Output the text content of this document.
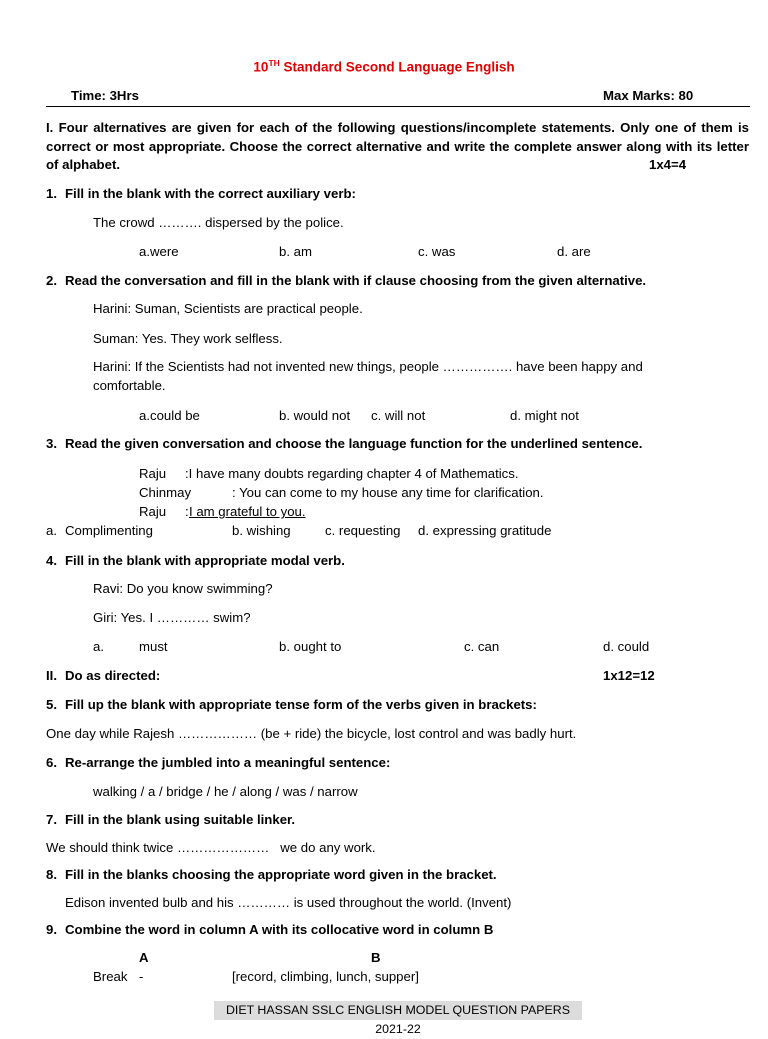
10TH Standard Second Language English
Time: 3Hrs	Max Marks: 80
I. Four alternatives are given for each of the following questions/incomplete statements. Only one of them is correct or most appropriate. Choose the correct alternative and write the complete answer along with its letter of alphabet.	1x4=4
1. Fill in the blank with the correct auxiliary verb:
The crowd ………. dispersed by the police.
a.were	b. am	c. was	d. are
2. Read the conversation and fill in the blank with if clause choosing from the given alternative.
Harini: Suman, Scientists are practical people.
Suman: Yes. They work selfless.
Harini: If the Scientists had not invented new things, people ……………. have been happy and
comfortable.
a.could be	b. would not c. will not	d. might not
3. Read the given conversation and choose the language function for the underlined sentence.
Raju :I have many doubts regarding chapter 4 of Mathematics.
Chinmay	: You can come to my house any time for clarification.
Raju : I am grateful to you.
a. Complimenting	b. wishing	c. requesting d. expressing gratitude
4. Fill in the blank with appropriate modal verb.
Ravi: Do you know swimming?
Giri: Yes. I ………… swim?
a.	must	b. ought to	c. can	d. could
II. Do as directed:	1x12=12
5. Fill up the blank with appropriate tense form of the verbs given in brackets:
One day while Rajesh ……………… (be + ride) the bicycle, lost control and was badly hurt.
6. Re-arrange the jumbled into a meaningful sentence:
walking / a / bridge / he / along / was / narrow
7. Fill in the blank using suitable linker.
We should think twice …………………   we do any work.
8. Fill in the blanks choosing the appropriate word given in the bracket.
Edison invented bulb and his ………… is used throughout the world. (Invent)
9. Combine the word in column A with its collocative word in column B
A	B
Break -	[record, climbing, lunch, supper]
DIET HASSAN SSLC ENGLISH MODEL QUESTION PAPERS 2021-22
